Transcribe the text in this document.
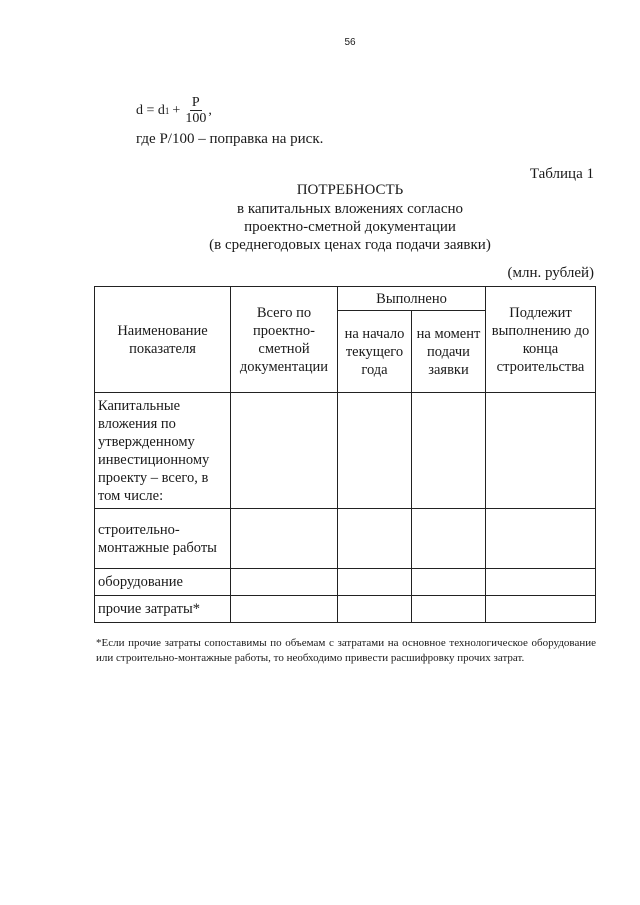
56
d = d $1 + \frac{P}{100}$ ,
где Р/100 – поправка на риск.
Таблица 1
ПОТРЕБНОСТЬ
в капитальных вложениях согласно
проектно-сметной документации
(в среднегодовых ценах года подачи заявки)
(млн. рублей)
Наименование показателя	Всего по проектно-сметной документации	Выполнено		Подлежит выполнению до конца строительства
		на начало текущего года	на момент подачи заявки	
Капитальные вложения по утвержденному инвестиционному проекту – всего, в том числе:				
строительно-монтажные работы				
оборудование				
прочие затраты*				
*Если прочие затраты сопоставимы по объемам с затратами на основное технологическое оборудование или строительно-монтажные работы, то необходимо привести расшифровку прочих затрат.
